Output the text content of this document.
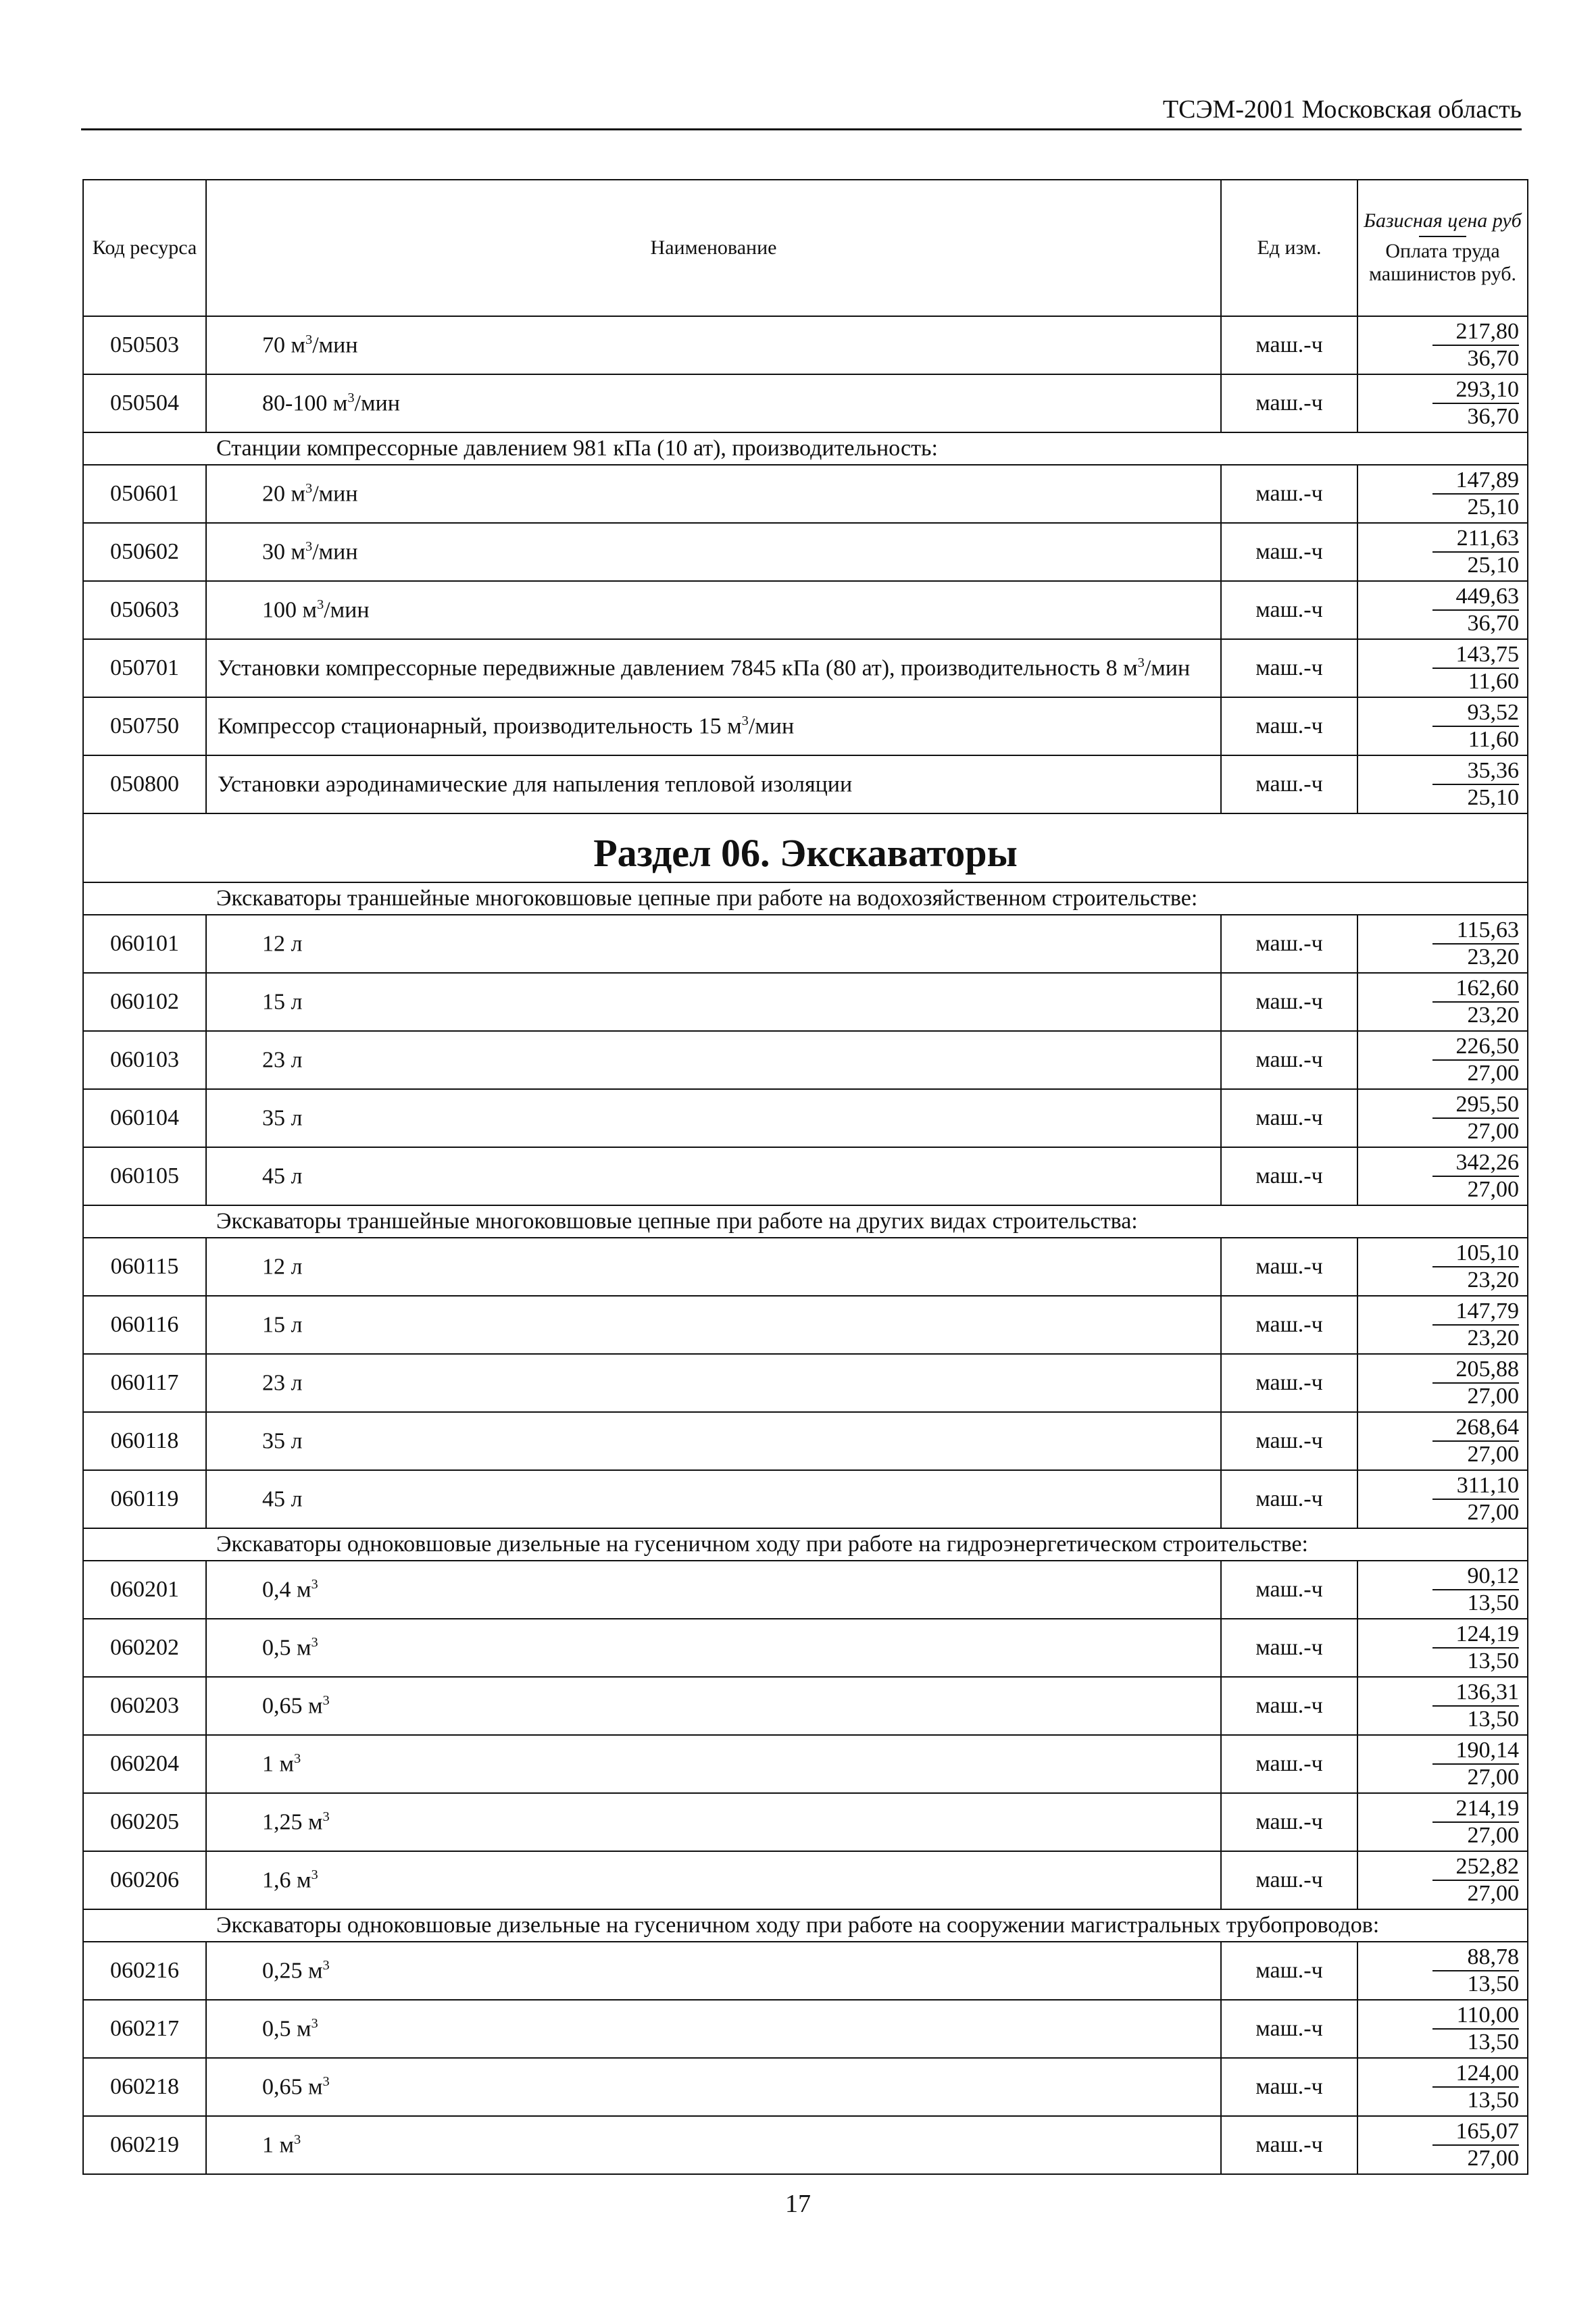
ТСЭМ-2001 Московская область
Код ресурса	Наименование	Ед изм.	Базисная цена руб
Оплата труда машинистов руб.
050503	70 $м^3$/мин	маш.-ч	217,80
36,70

050504	80-100 $м^3$/мин	маш.-ч	293,10
36,70

Станции компрессорные давлением 981 кПа (10 ат), производительность:			
050601	20 $м^3$/мин	маш.-ч	147,89
25,10

050602	30 $м^3$/мин	маш.-ч	211,63
25,10

050603	100 $м^3$/мин	маш.-ч	449,63
36,70

050701	Установки компрессорные передвижные давлением 7845 кПа (80 ат), производительность 8 $м^3$/мин	маш.-ч	143,75
11,60

050750	Компрессор стационарный, производительность 15 $м^3$/мин	маш.-ч	93,52
11,60

050800	Установки аэродинамические для напыления тепловой изоляции	маш.-ч	35,36
25,10

Раздел 06. Экскаваторы			
Экскаваторы траншейные многоковшовые цепные при работе на водохозяйственном строительстве:			
060101	12 л	маш.-ч	115,63
23,20

060102	15 л	маш.-ч	162,60
23,20

060103	23 л	маш.-ч	226,50
27,00

060104	35 л	маш.-ч	295,50
27,00

060105	45 л	маш.-ч	342,26
27,00

Экскаваторы траншейные многоковшовые цепные при работе на других видах строительства:			
060115	12 л	маш.-ч	105,10
23,20

060116	15 л	маш.-ч	147,79
23,20

060117	23 л	маш.-ч	205,88
27,00

060118	35 л	маш.-ч	268,64
27,00

060119	45 л	маш.-ч	311,10
27,00

Экскаваторы одноковшовые дизельные на гусеничном ходу при работе на гидроэнергетическом строительстве:			
060201	0,4 $м^3$	маш.-ч	90,12
13,50

060202	0,5 $м^3$	маш.-ч	124,19
13,50

060203	0,65 $м^3$	маш.-ч	136,31
13,50

060204	1 $м^3$	маш.-ч	190,14
27,00

060205	1,25 $м^3$	маш.-ч	214,19
27,00

060206	1,6 $м^3$	маш.-ч	252,82
27,00

Экскаваторы одноковшовые дизельные на гусеничном ходу при работе на сооружении магистральных трубопроводов:			
060216	0,25 $м^3$	маш.-ч	88,78
13,50

060217	0,5 $м^3$	маш.-ч	110,00
13,50

060218	0,65 $м^3$	маш.-ч	124,00
13,50

060219	1 $м^3$	маш.-ч	165,07
27,00
17
